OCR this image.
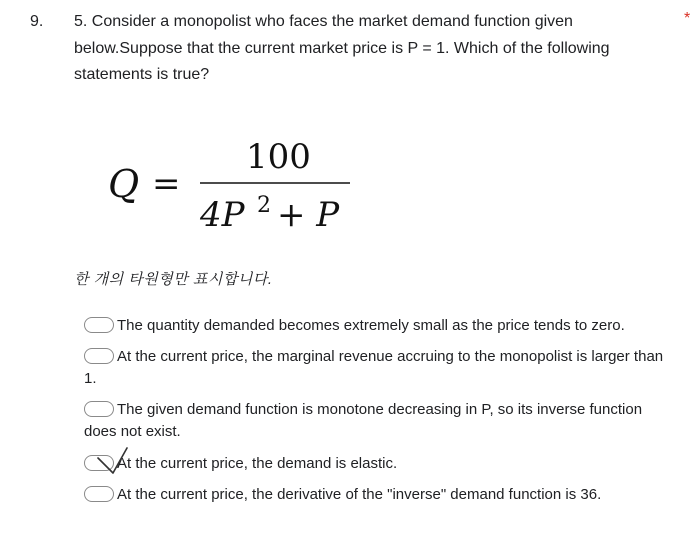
9.	*
5. Consider a monopolist who faces the market demand function given below.Suppose that the current market price is P = 1. Which of the following statements is true?
Q =
100
4P 2 + P
한 개의 타원형만 표시합니다.
The quantity demanded becomes extremely small as the price tends to zero.
At the current price, the marginal revenue accruing to the monopolist is larger than 1.
The given demand function is monotone decreasing in P, so its inverse function does not exist.
At the current price, the demand is elastic.
At the current price, the derivative of the "inverse" demand function is 36.
